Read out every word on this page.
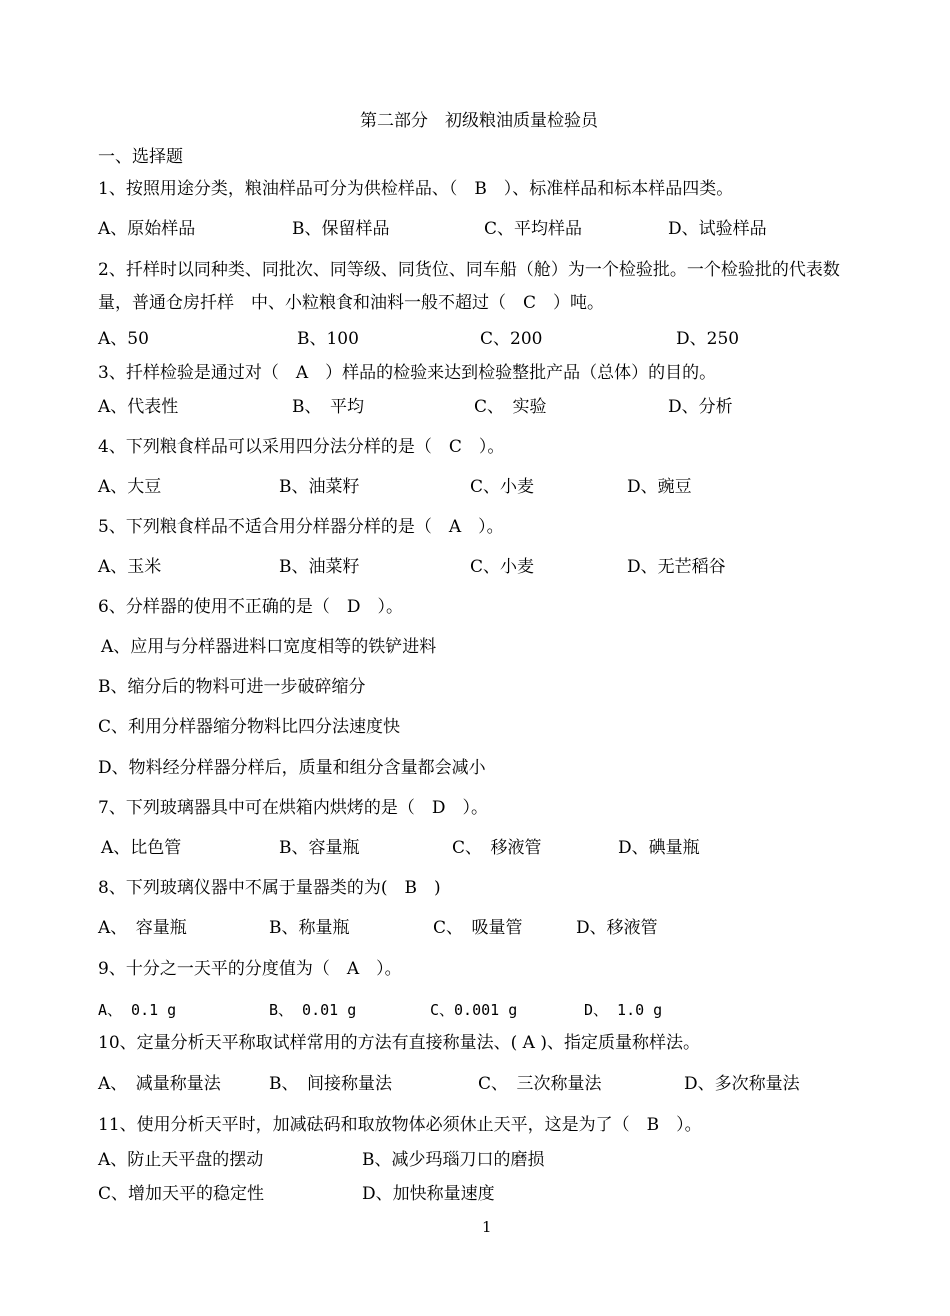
第二部分　初级粮油质量检验员
一、选择题
1、按照用途分类，粮油样品可分为供检样品、（　B　）、标准样品和标本样品四类。
A、原始样品	B、保留样品	C、平均样品	D、试验样品
2、扦样时以同种类、同批次、同等级、同货位、同车船（舱）为一个检验批。一个检验批的代表数
量，普通仓房扦样　中、小粒粮食和油料一般不超过（　C　）吨。
A、50	B、100	C、200	D、250
3、扦样检验是通过对（　A　）样品的检验来达到检验整批产品（总体）的目的。
A、代表性	B、　平均	C、　实验	D、分析
4、下列粮食样品可以采用四分法分样的是（　C　）。
A、大豆	B、油菜籽	C、小麦	D、豌豆
5、下列粮食样品不适合用分样器分样的是（　A　）。
A、玉米	B、油菜籽	C、小麦	D、无芒稻谷
6、分样器的使用不正确的是（　D　）。
A、应用与分样器进料口宽度相等的铁铲进料
B、缩分后的物料可进一步破碎缩分
C、利用分样器缩分物料比四分法速度快
D、物料经分样器分样后，质量和组分含量都会减小
7、下列玻璃器具中可在烘箱内烘烤的是（　D　）。
A、比色管	B、容量瓶	C、　移液管	D、碘量瓶
8、下列玻璃仪器中不属于量器类的为(　B　)
A、　容量瓶	B、称量瓶	C、　吸量管	D、移液管
9、十分之一天平的分度值为（　A　）。
A、 0.1 g	B、 0.01 g	C、0.001 g	D、 1.0 g
10、定量分析天平称取试样常用的方法有直接称量法、( A )、指定质量称样法。
A、　减量称量法	B、　间接称量法	C、　三次称量法	D、多次称量法
11、使用分析天平时，加减砝码和取放物体必须休止天平，这是为了（　B　）。
A、防止天平盘的摆动	B、减少玛瑙刀口的磨损
C、增加天平的稳定性	D、加快称量速度
1
